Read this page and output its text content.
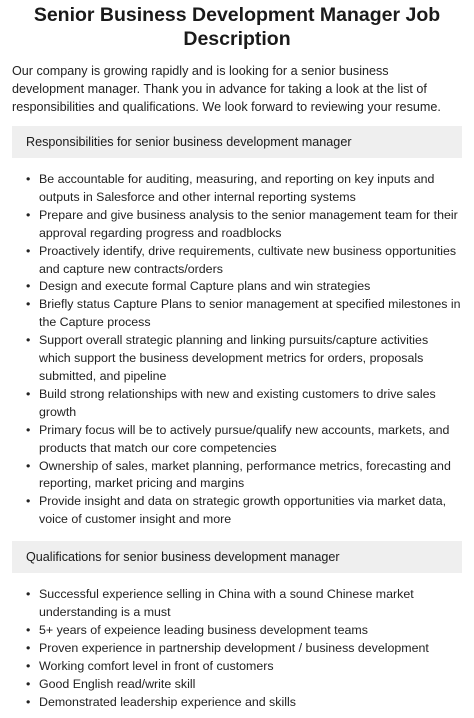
Senior Business Development Manager Job Description

Our company is growing rapidly and is looking for a senior business development manager. Thank you in advance for taking a look at the list of responsibilities and qualifications. We look forward to reviewing your resume.

Responsibilities for senior business development manager
• Be accountable for auditing, measuring, and reporting on key inputs and outputs in Salesforce and other internal reporting systems
• Prepare and give business analysis to the senior management team for their approval regarding progress and roadblocks
• Proactively identify, drive requirements, cultivate new business opportunities and capture new contracts/orders
• Design and execute formal Capture plans and win strategies
• Briefly status Capture Plans to senior management at specified milestones in the Capture process
• Support overall strategic planning and linking pursuits/capture activities which support the business development metrics for orders, proposals submitted, and pipeline
• Build strong relationships with new and existing customers to drive sales growth
• Primary focus will be to actively pursue/qualify new accounts, markets, and products that match our core competencies
• Ownership of sales, market planning, performance metrics, forecasting and reporting, market pricing and margins
• Provide insight and data on strategic growth opportunities via market data, voice of customer insight and more
Qualifications for senior business development manager
• Successful experience selling in China with a sound Chinese market understanding is a must
• 5+ years of expeience leading business development teams
• Proven experience in partnership development / business development
• Working comfort level in front of customers
• Good English read/write skill
• Demonstrated leadership experience and skills
